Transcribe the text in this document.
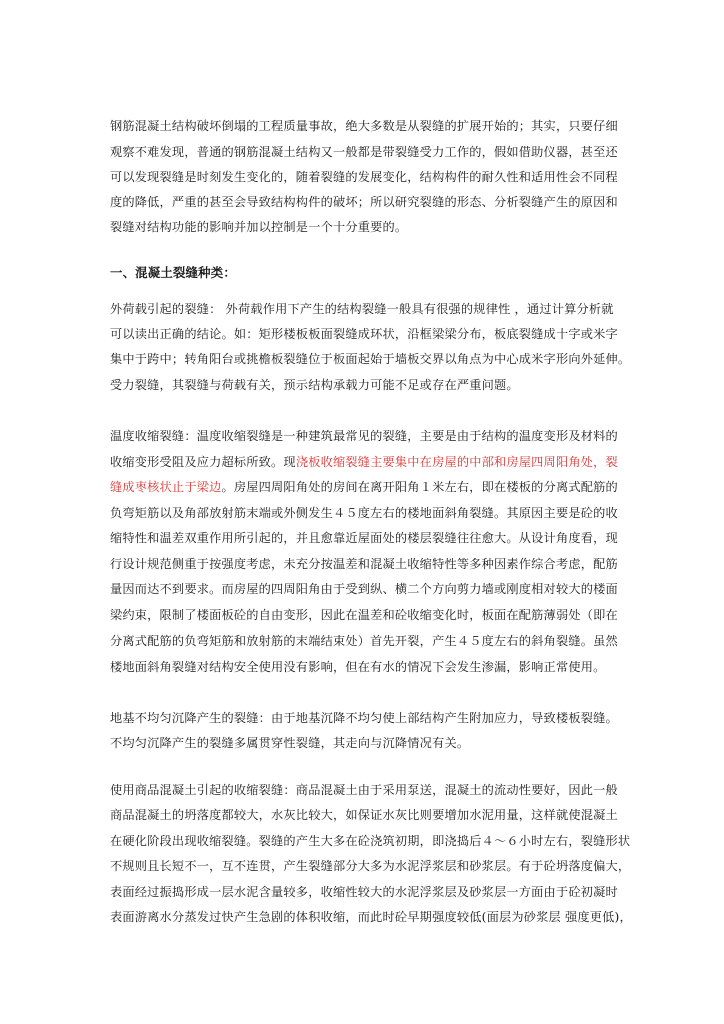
钢筋混凝土结构破坏倒塌的工程质量事故，绝大多数是从裂缝的扩展开始的；其实，只要仔细
观察不难发现，普通的钢筋混凝土结构又一般都是带裂缝受力工作的，假如借助仪器，甚至还
可以发现裂缝是时刻发生变化的，随着裂缝的发展变化，结构构件的耐久性和适用性会不同程
度的降低，严重的甚至会导致结构构件的破坏；所以研究裂缝的形态、分析裂缝产生的原因和
裂缝对结构功能的影响并加以控制是一个十分重要的。
一、混凝土裂缝种类：
外荷载引起的裂缝： 外荷载作用下产生的结构裂缝一般具有很强的规律性 ，通过计算分析就
可以读出正确的结论。如：矩形楼板板面裂缝成环状，沿框梁梁分布，板底裂缝成十字或米字
集中于跨中；转角阳台或挑檐板裂缝位于板面起始于墙板交界以角点为中心成米字形向外延伸。
受力裂缝，其裂缝与荷载有关，预示结构承载力可能不足或存在严重问题。
温度收缩裂缝：温度收缩裂缝是一种建筑最常见的裂缝，主要是由于结构的温度变形及材料的
收缩变形受阻及应力超标所致。现浇板收缩裂缝主要集中在房屋的中部和房屋四周阳角处，裂
缝成枣核状止于梁边。房屋四周阳角处的房间在离开阳角１米左右，即在楼板的分离式配筋的
负弯矩筋以及角部放射筋末端或外侧发生４５度左右的楼地面斜角裂缝。其原因主要是砼的收
缩特性和温差双重作用所引起的，并且愈靠近屋面处的楼层裂缝往往愈大。从设计角度看，现
行设计规范侧重于按强度考虑，未充分按温差和混凝土收缩特性等多种因素作综合考虑，配筋
量因而达不到要求。而房屋的四周阳角由于受到纵、横二个方向剪力墙或刚度相对较大的楼面
梁约束，限制了楼面板砼的自由变形，因此在温差和砼收缩变化时，板面在配筋薄弱处（即在
分离式配筋的负弯矩筋和放射筋的末端结束处）首先开裂，产生４５度左右的斜角裂缝。虽然
楼地面斜角裂缝对结构安全使用没有影响，但在有水的情况下会发生渗漏，影响正常使用。
地基不均匀沉降产生的裂缝：由于地基沉降不均匀使上部结构产生附加应力，导致楼板裂缝。
不均匀沉降产生的裂缝多属贯穿性裂缝，其走向与沉降情况有关。
使用商品混凝土引起的收缩裂缝：商品混凝土由于采用泵送，混凝土的流动性要好，因此一般
商品混凝土的坍落度都较大，水灰比较大，如保证水灰比则要增加水泥用量，这样就使混凝土
在硬化阶段出现收缩裂缝。裂缝的产生大多在砼浇筑初期，即浇捣后４～６小时左右，裂缝形状
不规则且长短不一，互不连贯，产生裂缝部分大多为水泥浮浆层和砂浆层。有于砼坍落度偏大，
表面经过振捣形成一层水泥含量较多，收缩性较大的水泥浮浆层及砂浆层一方面由于砼初凝时
表面游离水分蒸发过快产生急剧的体积收缩，而此时砼早期强度较低(面层为砂浆层 强度更低)，
